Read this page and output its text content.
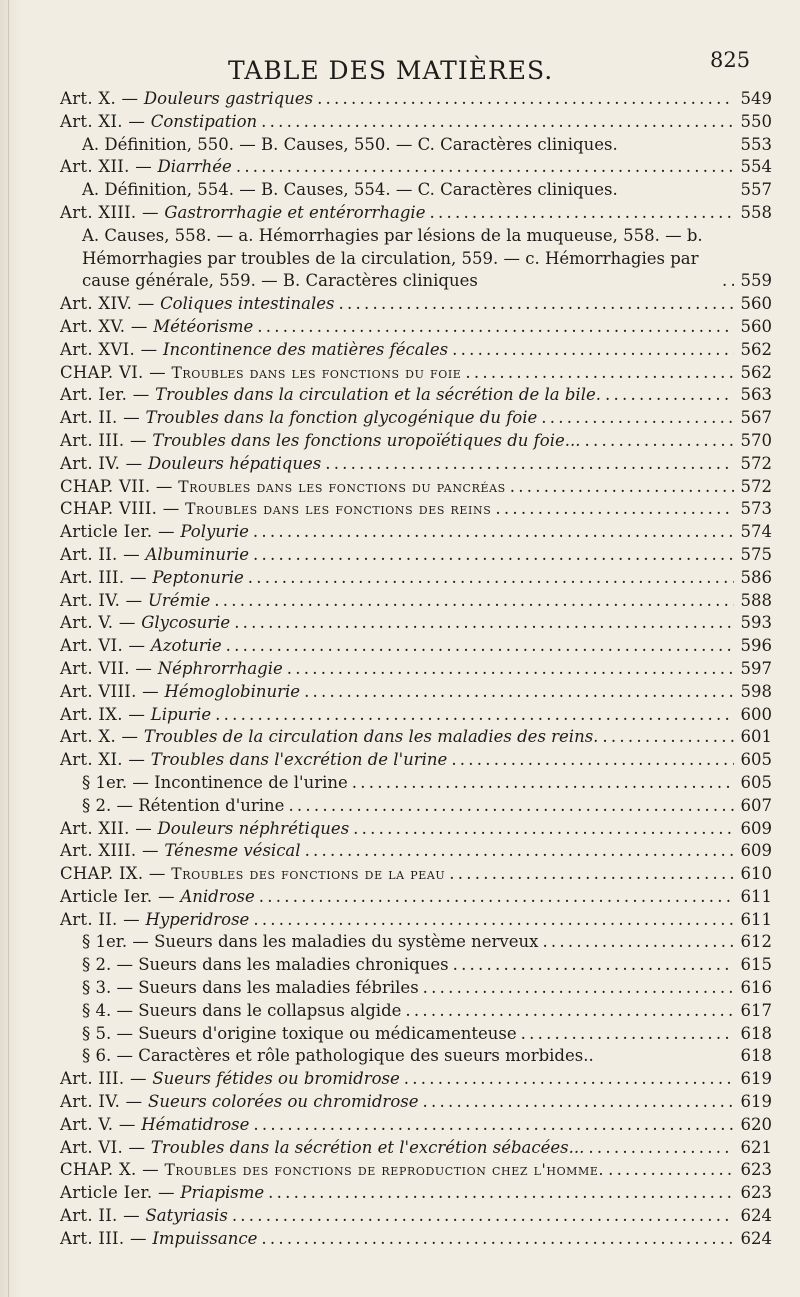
TABLE DES MATIÈRES.	825
Art. X. — Douleurs gastriques . . .	549
Art. XI. — Constipation . . .	550
A. Définition, 550. — B. Causes, 550. — C. Caractères cliniques.	553
Art. XII. — Diarrhée . . .	554
A. Définition, 554. — B. Causes, 554. — C. Caractères cliniques.	557
Art. XIII. — Gastrorrhagie et entérorrhagie . . .	558
A. Causes, 558. — a. Hémorrhagies par lésions de la muqueuse, 558. — b. Hémorrhagies par troubles de la circulation, 559. — c. Hémorrhagies par cause générale, 559. — B. Caractères cliniques . . .	559
Art. XIV. — Coliques intestinales . . .	560
Art. XV. — Météorisme . . .	560
Art. XVI. — Incontinence des matières fécales . . .	562
CHAP. VI. — Troubles dans les fonctions du foie . . .	562
Art. Ier. — Troubles dans la circulation et la sécrétion de la bile. . . .	563
Art. II. — Troubles dans la fonction glycogénique du foie . . .	567
Art. III. — Troubles dans les fonctions uropoïétiques du foie... . . .	570
Art. IV. — Douleurs hépatiques . . .	572
CHAP. VII. — Troubles dans les fonctions du pancréas . . .	572
CHAP. VIII. — Troubles dans les fonctions des reins . . .	573
Article Ier. — Polyurie . . .	574
Art. II. — Albuminurie . . .	575
Art. III. — Peptonurie . . .	586
Art. IV. — Urémie . . .	588
Art. V. — Glycosurie . . .	593
Art. VI. — Azoturie . . .	596
Art. VII. — Néphrorrhagie . . .	597
Art. VIII. — Hémoglobinurie . . .	598
Art. IX. — Lipurie . . .	600
Art. X. — Troubles de la circulation dans les maladies des reins. . . .	601
Art. XI. — Troubles dans l'excrétion de l'urine . . .	605
§ 1er. — Incontinence de l'urine . . .	605
§ 2. — Rétention d'urine . . .	607
Art. XII. — Douleurs néphrétiques . . .	609
Art. XIII. — Ténesme vésical . . .	609
CHAP. IX. — Troubles des fonctions de la peau . . .	610
Article Ier. — Anidrose . . .	611
Art. II. — Hyperidrose . . .	611
§ 1er. — Sueurs dans les maladies du système nerveux . . .	612
§ 2. — Sueurs dans les maladies chroniques . . .	615
§ 3. — Sueurs dans les maladies fébriles . . .	616
§ 4. — Sueurs dans le collapsus algide . . .	617
§ 5. — Sueurs d'origine toxique ou médicamenteuse . . .	618
§ 6. — Caractères et rôle pathologique des sueurs morbides..	618
Art. III. — Sueurs fétides ou bromidrose . . .	619
Art. IV. — Sueurs colorées ou chromidrose . . .	619
Art. V. — Hématidrose . . .	620
Art. VI. — Troubles dans la sécrétion et l'excrétion sébacées... . . .	621
CHAP. X. — Troubles des fonctions de reproduction chez l'homme. . . .	623
Article Ier. — Priapisme . . .	623
Art. II. — Satyriasis . . .	624
Art. III. — Impuissance . . .	624
